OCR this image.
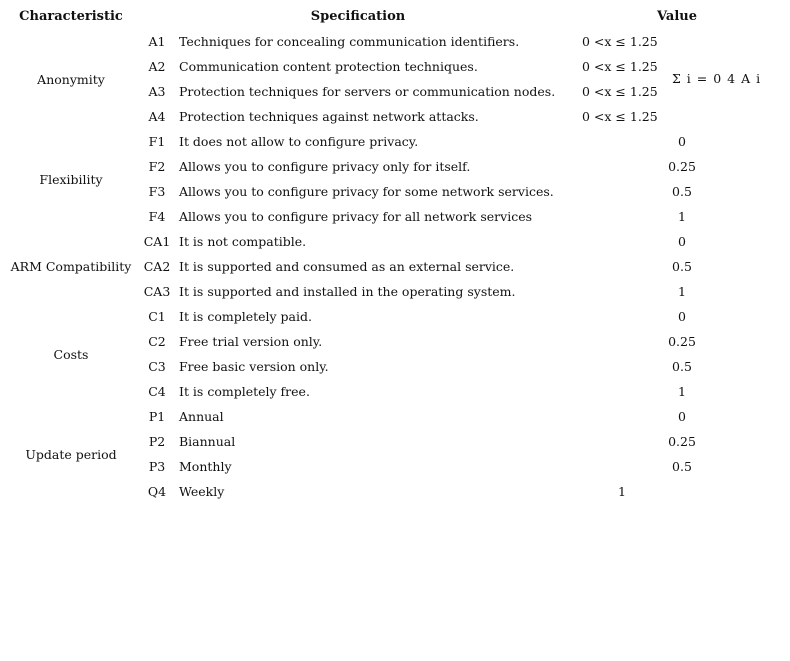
Characteristic	Specification	Value
Σ i = 0 4 A i
A1 Techniques for concealing communication identifiers.	0 <x ≤ 1.25
A2 Communication content protection techniques.	0 <x ≤ 1.25
A3 Protection techniques for servers or communication nodes. 0 <x ≤ 1.25
A4 Protection techniques against network attacks.	0 <x ≤ 1.25
Anonymity
F1 It does not allow to configure privacy.	0
F2 Allows you to configure privacy only for itself.	0.25
F3 Allows you to configure privacy for some network services.	0.5
F4 Allows you to configure privacy for all network services	1
Flexibility
CA1 It is not compatible.	0
CA2 It is supported and consumed as an external service.	0.5
CA3 It is supported and installed in the operating system.	1
ARM Compatibility
C1 It is completely paid.	0
C2 Free trial version only.	0.25
C3 Free basic version only.	0.5
C4 It is completely free.	1
Costs
P1 Annual	0
P2 Biannual	0.25
P3 Monthly	0.5
Q4 Weekly	1
Update period
